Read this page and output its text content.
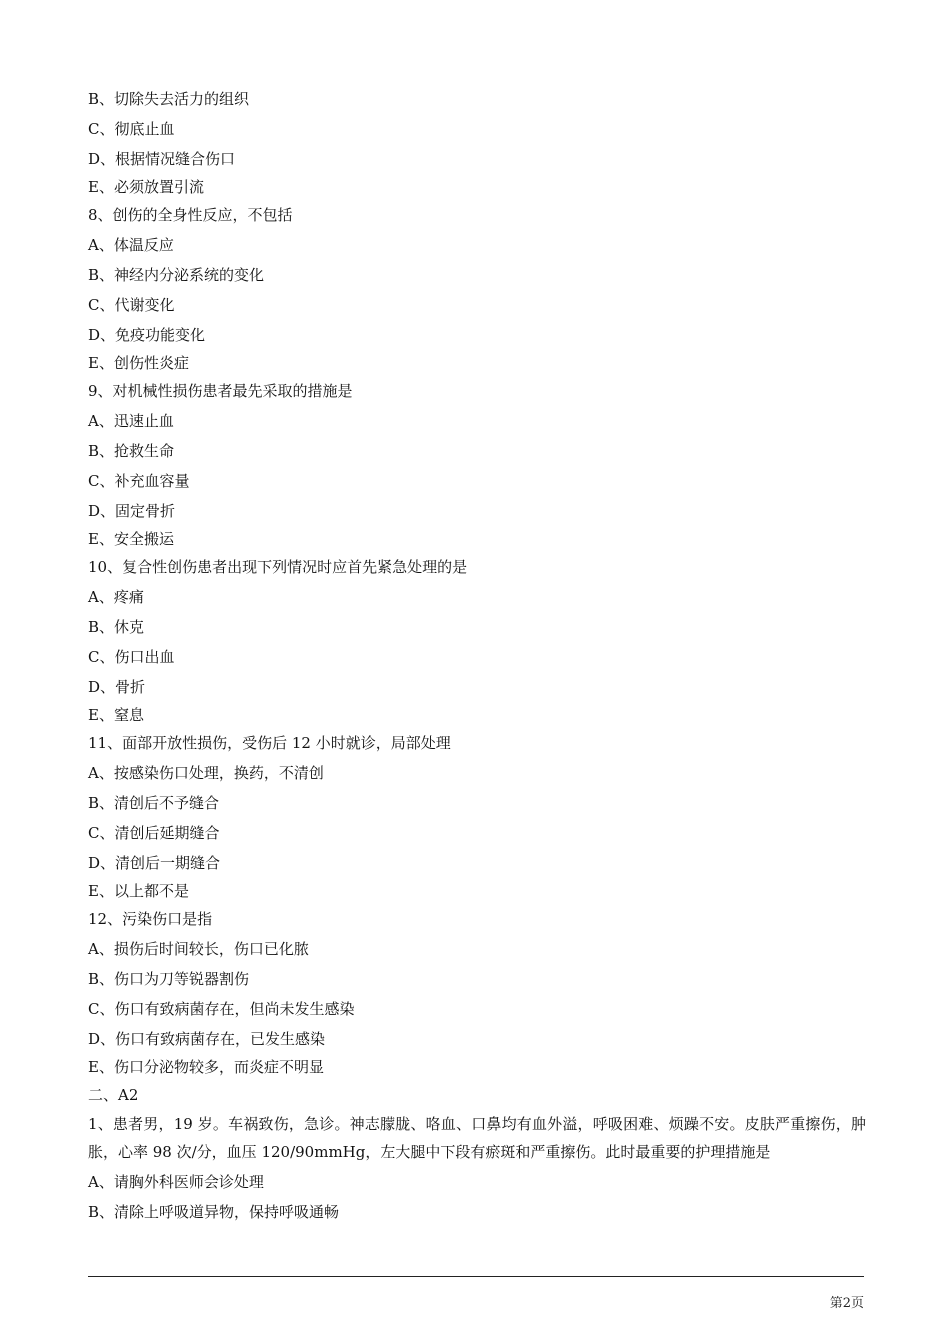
B、切除失去活力的组织
C、彻底止血
D、根据情况缝合伤口
E、必须放置引流
8、创伤的全身性反应，不包括
A、体温反应
B、神经内分泌系统的变化
C、代谢变化
D、免疫功能变化
E、创伤性炎症
9、对机械性损伤患者最先采取的措施是
A、迅速止血
B、抢救生命
C、补充血容量
D、固定骨折
E、安全搬运
10、复合性创伤患者出现下列情况时应首先紧急处理的是
A、疼痛
B、休克
C、伤口出血
D、骨折
E、窒息
11、面部开放性损伤，受伤后 12 小时就诊，局部处理
A、按感染伤口处理，换药，不清创
B、清创后不予缝合
C、清创后延期缝合
D、清创后一期缝合
E、以上都不是
12、污染伤口是指
A、损伤后时间较长，伤口已化脓
B、伤口为刀等锐器割伤
C、伤口有致病菌存在，但尚未发生感染
D、伤口有致病菌存在，已发生感染
E、伤口分泌物较多，而炎症不明显
二、A2
1、患者男，19 岁。车祸致伤，急诊。神志朦胧、咯血、口鼻均有血外溢，呼吸困难、烦躁不安。皮肤严重擦伤，肿胀，心率 98 次/分，血压 120/90mmHg，左大腿中下段有瘀斑和严重擦伤。此时最重要的护理措施是
A、请胸外科医师会诊处理
B、清除上呼吸道异物，保持呼吸通畅
第2页
